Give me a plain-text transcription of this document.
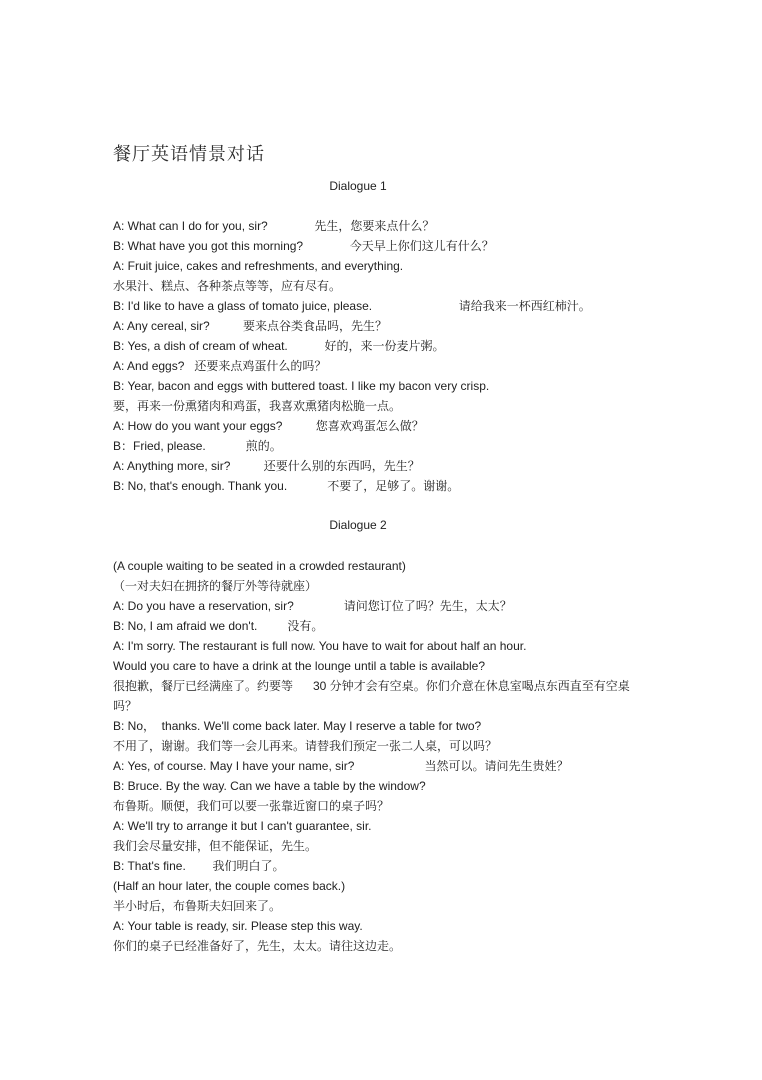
餐厅英语情景对话
Dialogue 1

A: What can I do for you, sir?              先生，您要来点什么？

B: What have you got this morning?              今天早上你们这儿有什么？

A: Fruit juice, cakes and refreshments, and everything.

水果汁、糕点、各种茶点等等，应有尽有。

B: I'd like to have a glass of tomato juice, please.                          请给我来一杯西红柿汁。

A: Any cereal, sir?          要来点谷类食品吗，先生？

B: Yes, a dish of cream of wheat.           好的，来一份麦片粥。

A: And eggs?   还要来点鸡蛋什么的吗？

B: Year, bacon and eggs with buttered toast. I like my bacon very crisp.

要，再来一份熏猪肉和鸡蛋，我喜欢熏猪肉松脆一点。

A: How do you want your eggs?          您喜欢鸡蛋怎么做？

B：Fried, please.            煎的。

A: Anything more, sir?          还要什么别的东西吗，先生？

B: No, that's enough. Thank you.            不要了，足够了。谢谢。

Dialogue 2

(A couple waiting to be seated in a crowded restaurant)

（一对夫妇在拥挤的餐厅外等待就座）

A: Do you have a reservation, sir?               请问您订位了吗？先生，太太？

B: No, I am afraid we don't.         没有。

A: I'm sorry. The restaurant is full now. You have to wait for about half an hour.

Would you care to have a drink at the lounge until a table is available?

很抱歉，餐厅已经满座了。约要等      30 分钟才会有空桌。你们介意在休息室喝点东西直至有空桌

吗？

B: No，  thanks. We'll come back later. May I reserve a table for two?

不用了，谢谢。我们等一会儿再来。请替我们预定一张二人桌，可以吗？

A: Yes, of course. May I have your name, sir?                     当然可以。请问先生贵姓？

B: Bruce. By the way. Can we have a table by the window?

布鲁斯。顺便，我们可以要一张靠近窗口的桌子吗？

A: We'll try to arrange it but I can't guarantee, sir.

我们会尽量安排，但不能保证，先生。

B: That's fine.        我们明白了。

(Half an hour later, the couple comes back.)

半小时后，布鲁斯夫妇回来了。

A: Your table is ready, sir. Please step this way.

你们的桌子已经准备好了，先生，太太。请往这边走。
